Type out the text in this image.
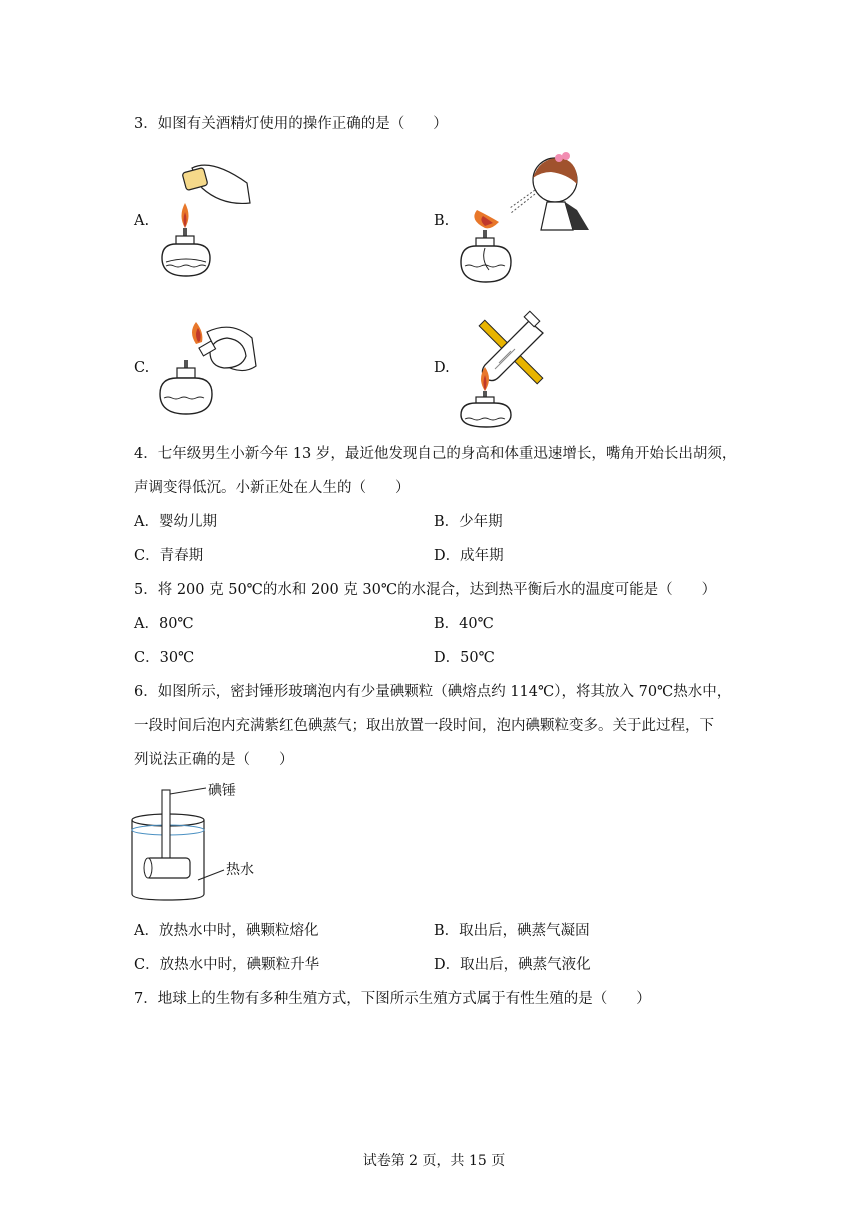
3．如图有关酒精灯使用的操作正确的是（　　）
A.	B.
C.	D.
4．七年级男生小新今年 13 岁，最近他发现自己的身高和体重迅速增长，嘴角开始长出胡须，
声调变得低沉。小新正处在人生的（　　）
A．婴幼儿期	B．少年期
C．青春期	D．成年期
5．将 200 克 50℃的水和 200 克 30℃的水混合，达到热平衡后水的温度可能是（　　）
A．80℃	B．40℃
C．30℃	D．50℃
6．如图所示，密封锤形玻璃泡内有少量碘颗粒（碘熔点约 114℃），将其放入 70℃热水中，
一段时间后泡内充满紫红色碘蒸气；取出放置一段时间，泡内碘颗粒变多。关于此过程，下
列说法正确的是（　　）
碘锤
热水
A．放热水中时，碘颗粒熔化	B．取出后，碘蒸气凝固
C．放热水中时，碘颗粒升华	D．取出后，碘蒸气液化
7．地球上的生物有多种生殖方式，下图所示生殖方式属于有性生殖的是（　　）
试卷第 2 页，共 15 页
